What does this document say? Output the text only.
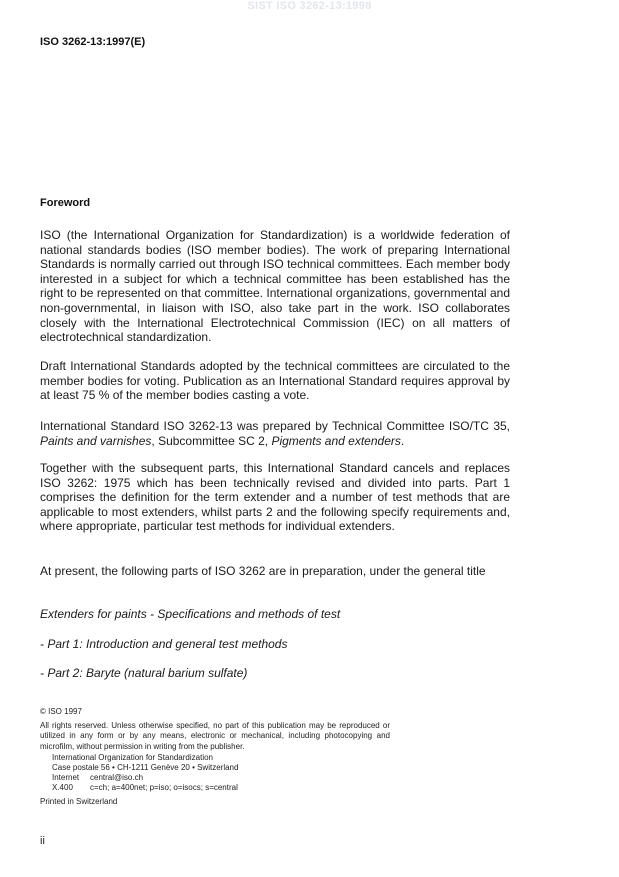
SIST ISO 3262-13:1998
ISO 3262-13:1997(E)
Foreword

ISO (the International Organization for Standardization) is a worldwide federation of national standards bodies (ISO member bodies). The work of preparing International Standards is normally carried out through ISO technical committees. Each member body interested in a subject for which a technical committee has been established has the right to be represented on that committee. International organizations, governmental and non-governmental, in liaison with ISO, also take part in the work. ISO collaborates closely with the International Electrotechnical Commission (IEC) on all matters of electrotechnical standardization.

Draft International Standards adopted by the technical committees are circulated to the member bodies for voting. Publication as an International Standard requires approval by at least 75 % of the member bodies casting a vote.

International Standard ISO 3262-13 was prepared by Technical Committee ISO/TC 35, Paints and varnishes, Subcommittee SC 2, Pigments and extenders.

Together with the subsequent parts, this International Standard cancels and replaces ISO 3262: 1975 which has been technically revised and divided into parts. Part 1 comprises the definition for the term extender and a number of test methods that are applicable to most extenders, whilst parts 2 and the following specify requirements and, where appropriate, particular test methods for individual extenders.

At present, the following parts of ISO 3262 are in preparation, under the general title

Extenders for paints - Specifications and methods of test

- Part 1: Introduction and general test methods

- Part 2: Baryte (natural barium sulfate)

© ISO 1997
All rights reserved. Unless otherwise specified, no part of this publication may be reproduced or utilized in any form or by any means, electronic or mechanical, including photocopying and microfilm, without permission in writing from the publisher.
International Organization for Standardization
Case postale 56 • CH-1211 Genève 20 • Switzerland
Internet central@iso.ch
X.400 c=ch; a=400net; p=iso; o=isocs; s=central
Printed in Switzerland
ii
